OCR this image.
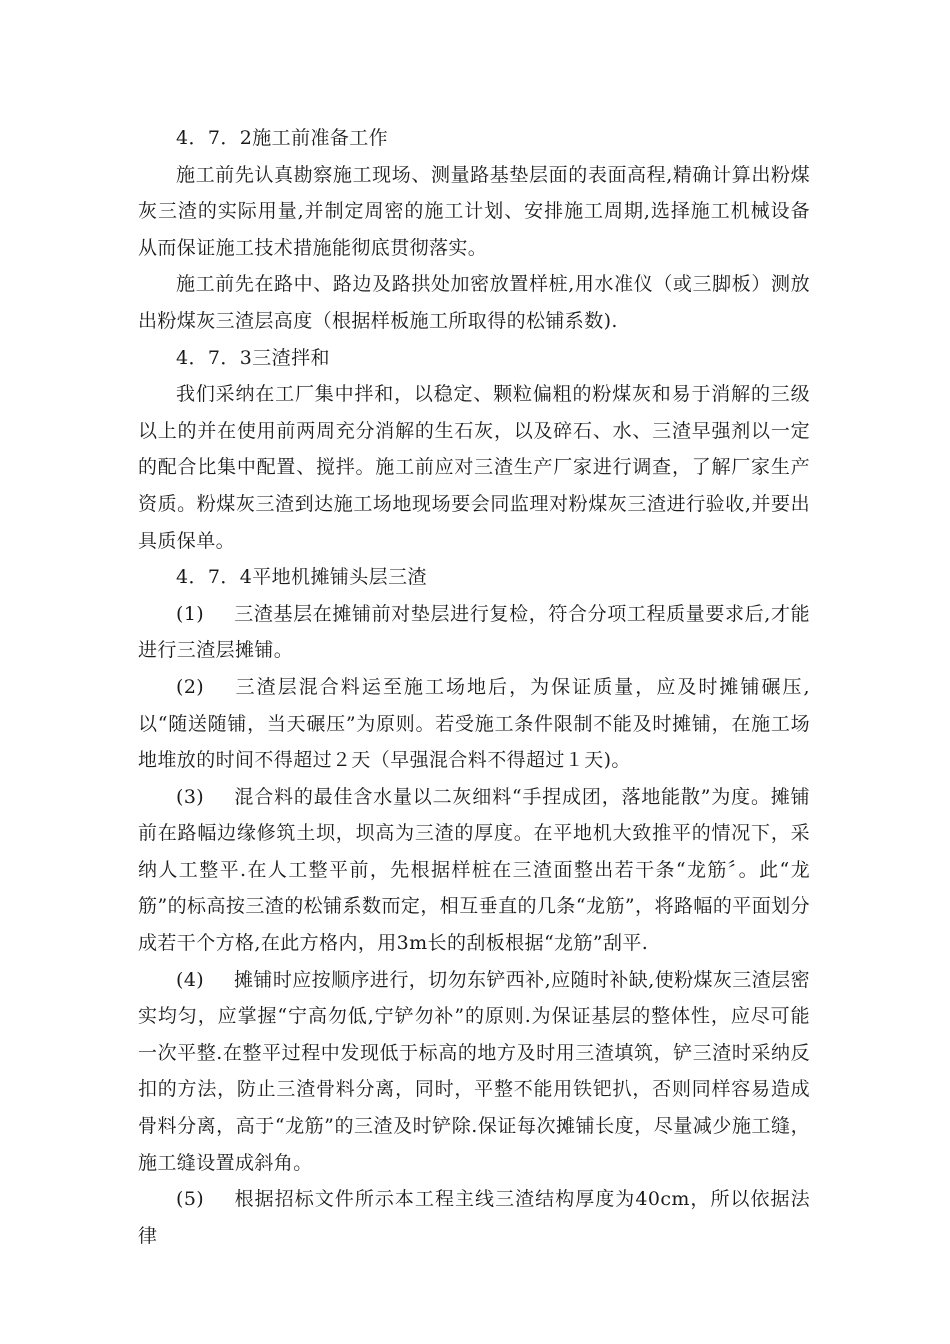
4．7．2施工前准备工作

施工前先认真勘察施工现场、测量路基垫层面的表面高程,精确计算出粉煤灰三渣的实际用量,并制定周密的施工计划、安排施工周期,选择施工机械设备从而保证施工技术措施能彻底贯彻落实。

施工前先在路中、路边及路拱处加密放置样桩,用水准仪（或三脚板）测放出粉煤灰三渣层高度（根据样板施工所取得的松铺系数).

4．7．3三渣拌和

我们采纳在工厂集中拌和，以稳定、颗粒偏粗的粉煤灰和易于消解的三级以上的并在使用前两周充分消解的生石灰，以及碎石、水、三渣早强剂以一定的配合比集中配置、搅拌。施工前应对三渣生产厂家进行调查，了解厂家生产资质。粉煤灰三渣到达施工场地现场要会同监理对粉煤灰三渣进行验收,并要出具质保单。

4．7．4平地机摊铺头层三渣

(1) 三渣基层在摊铺前对垫层进行复检，符合分项工程质量要求后,才能进行三渣层摊铺。

(2) 三渣层混合料运至施工场地后，为保证质量，应及时摊铺碾压,以“随送随铺，当天碾压”为原则。若受施工条件限制不能及时摊铺，在施工场地堆放的时间不得超过２天（早强混合料不得超过１天)。

(3) 混合料的最佳含水量以二灰细料“手捏成团，落地能散”为度。摊铺前在路幅边缘修筑土坝，坝高为三渣的厚度。在平地机大致推平的情况下，采纳人工整平.在人工整平前，先根据样桩在三渣面整出若干条“龙筋〞。此“龙筋”的标高按三渣的松铺系数而定，相互垂直的几条“龙筋”，将路幅的平面划分成若干个方格,在此方格内，用3m长的刮板根据“龙筋”刮平.

(4) 摊铺时应按顺序进行，切勿东铲西补,应随时补缺,使粉煤灰三渣层密实均匀，应掌握“宁高勿低,宁铲勿补”的原则.为保证基层的整体性，应尽可能一次平整.在整平过程中发现低于标高的地方及时用三渣填筑，铲三渣时采纳反扣的方法，防止三渣骨料分离，同时，平整不能用铁钯扒，否则同样容易造成骨料分离，高于“龙筋”的三渣及时铲除.保证每次摊铺长度，尽量减少施工缝，施工缝设置成斜角。

(5) 根据招标文件所示本工程主线三渣结构厚度为40cm，所以依据法律
